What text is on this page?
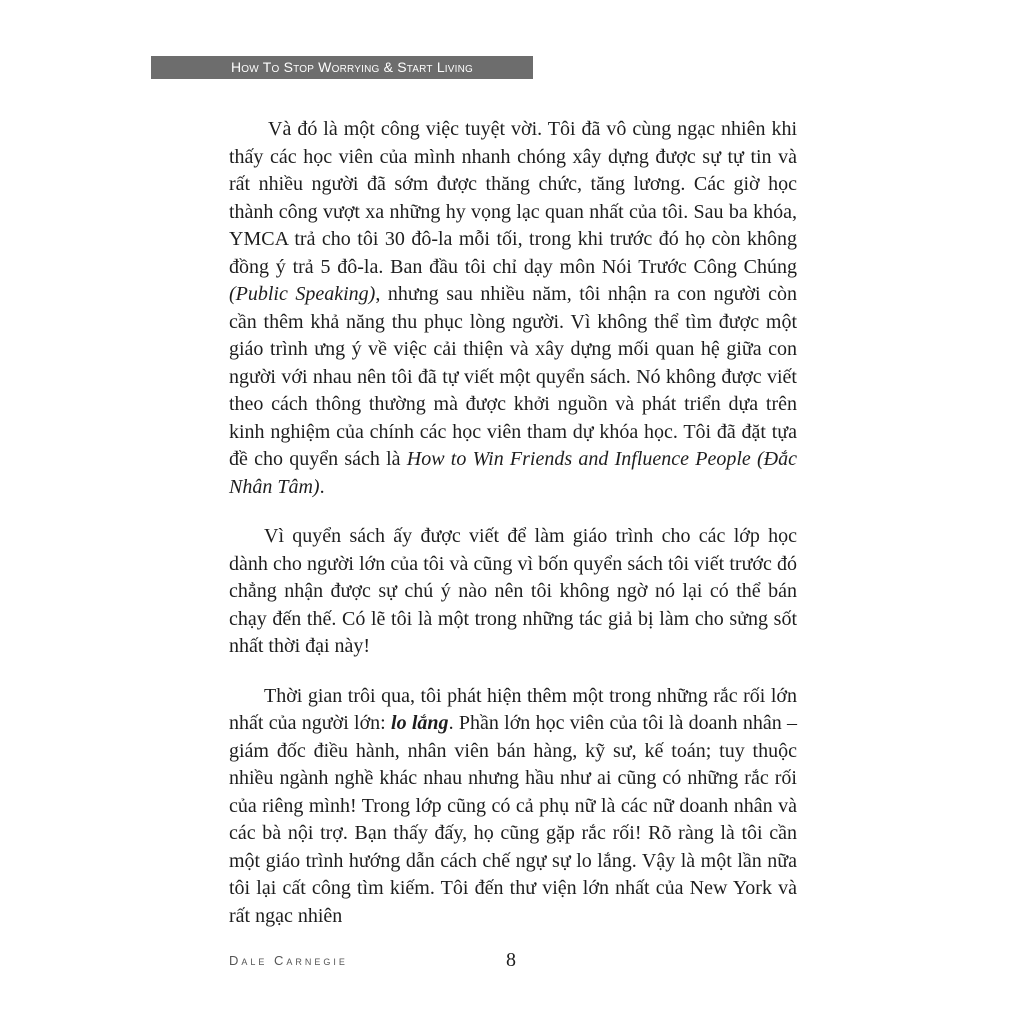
How To Stop Worrying & Start Living

Và đó là một công việc tuyệt vời. Tôi đã vô cùng ngạc nhiên khi thấy các học viên của mình nhanh chóng xây dựng được sự tự tin và rất nhiều người đã sớm được thăng chức, tăng lương. Các giờ học thành công vượt xa những hy vọng lạc quan nhất của tôi. Sau ba khóa, YMCA trả cho tôi 30 đô-la mỗi tối, trong khi trước đó họ còn không đồng ý trả 5 đô-la. Ban đầu tôi chỉ dạy môn Nói Trước Công Chúng (Public Speaking), nhưng sau nhiều năm, tôi nhận ra con người còn cần thêm khả năng thu phục lòng người. Vì không thể tìm được một giáo trình ưng ý về việc cải thiện và xây dựng mối quan hệ giữa con người với nhau nên tôi đã tự viết một quyển sách. Nó không được viết theo cách thông thường mà được khởi nguồn và phát triển dựa trên kinh nghiệm của chính các học viên tham dự khóa học. Tôi đã đặt tựa đề cho quyển sách là How to Win Friends and Influence People (Đắc Nhân Tâm).

Vì quyển sách ấy được viết để làm giáo trình cho các lớp học dành cho người lớn của tôi và cũng vì bốn quyển sách tôi viết trước đó chẳng nhận được sự chú ý nào nên tôi không ngờ nó lại có thể bán chạy đến thế. Có lẽ tôi là một trong những tác giả bị làm cho sửng sốt nhất thời đại này!

Thời gian trôi qua, tôi phát hiện thêm một trong những rắc rối lớn nhất của người lớn: lo lắng. Phần lớn học viên của tôi là doanh nhân – giám đốc điều hành, nhân viên bán hàng, kỹ sư, kế toán; tuy thuộc nhiều ngành nghề khác nhau nhưng hầu như ai cũng có những rắc rối của riêng mình! Trong lớp cũng có cả phụ nữ là các nữ doanh nhân và các bà nội trợ. Bạn thấy đấy, họ cũng gặp rắc rối! Rõ ràng là tôi cần một giáo trình hướng dẫn cách chế ngự sự lo lắng. Vậy là một lần nữa tôi lại cất công tìm kiếm. Tôi đến thư viện lớn nhất của New York và rất ngạc nhiên

Dale Carnegie	8
